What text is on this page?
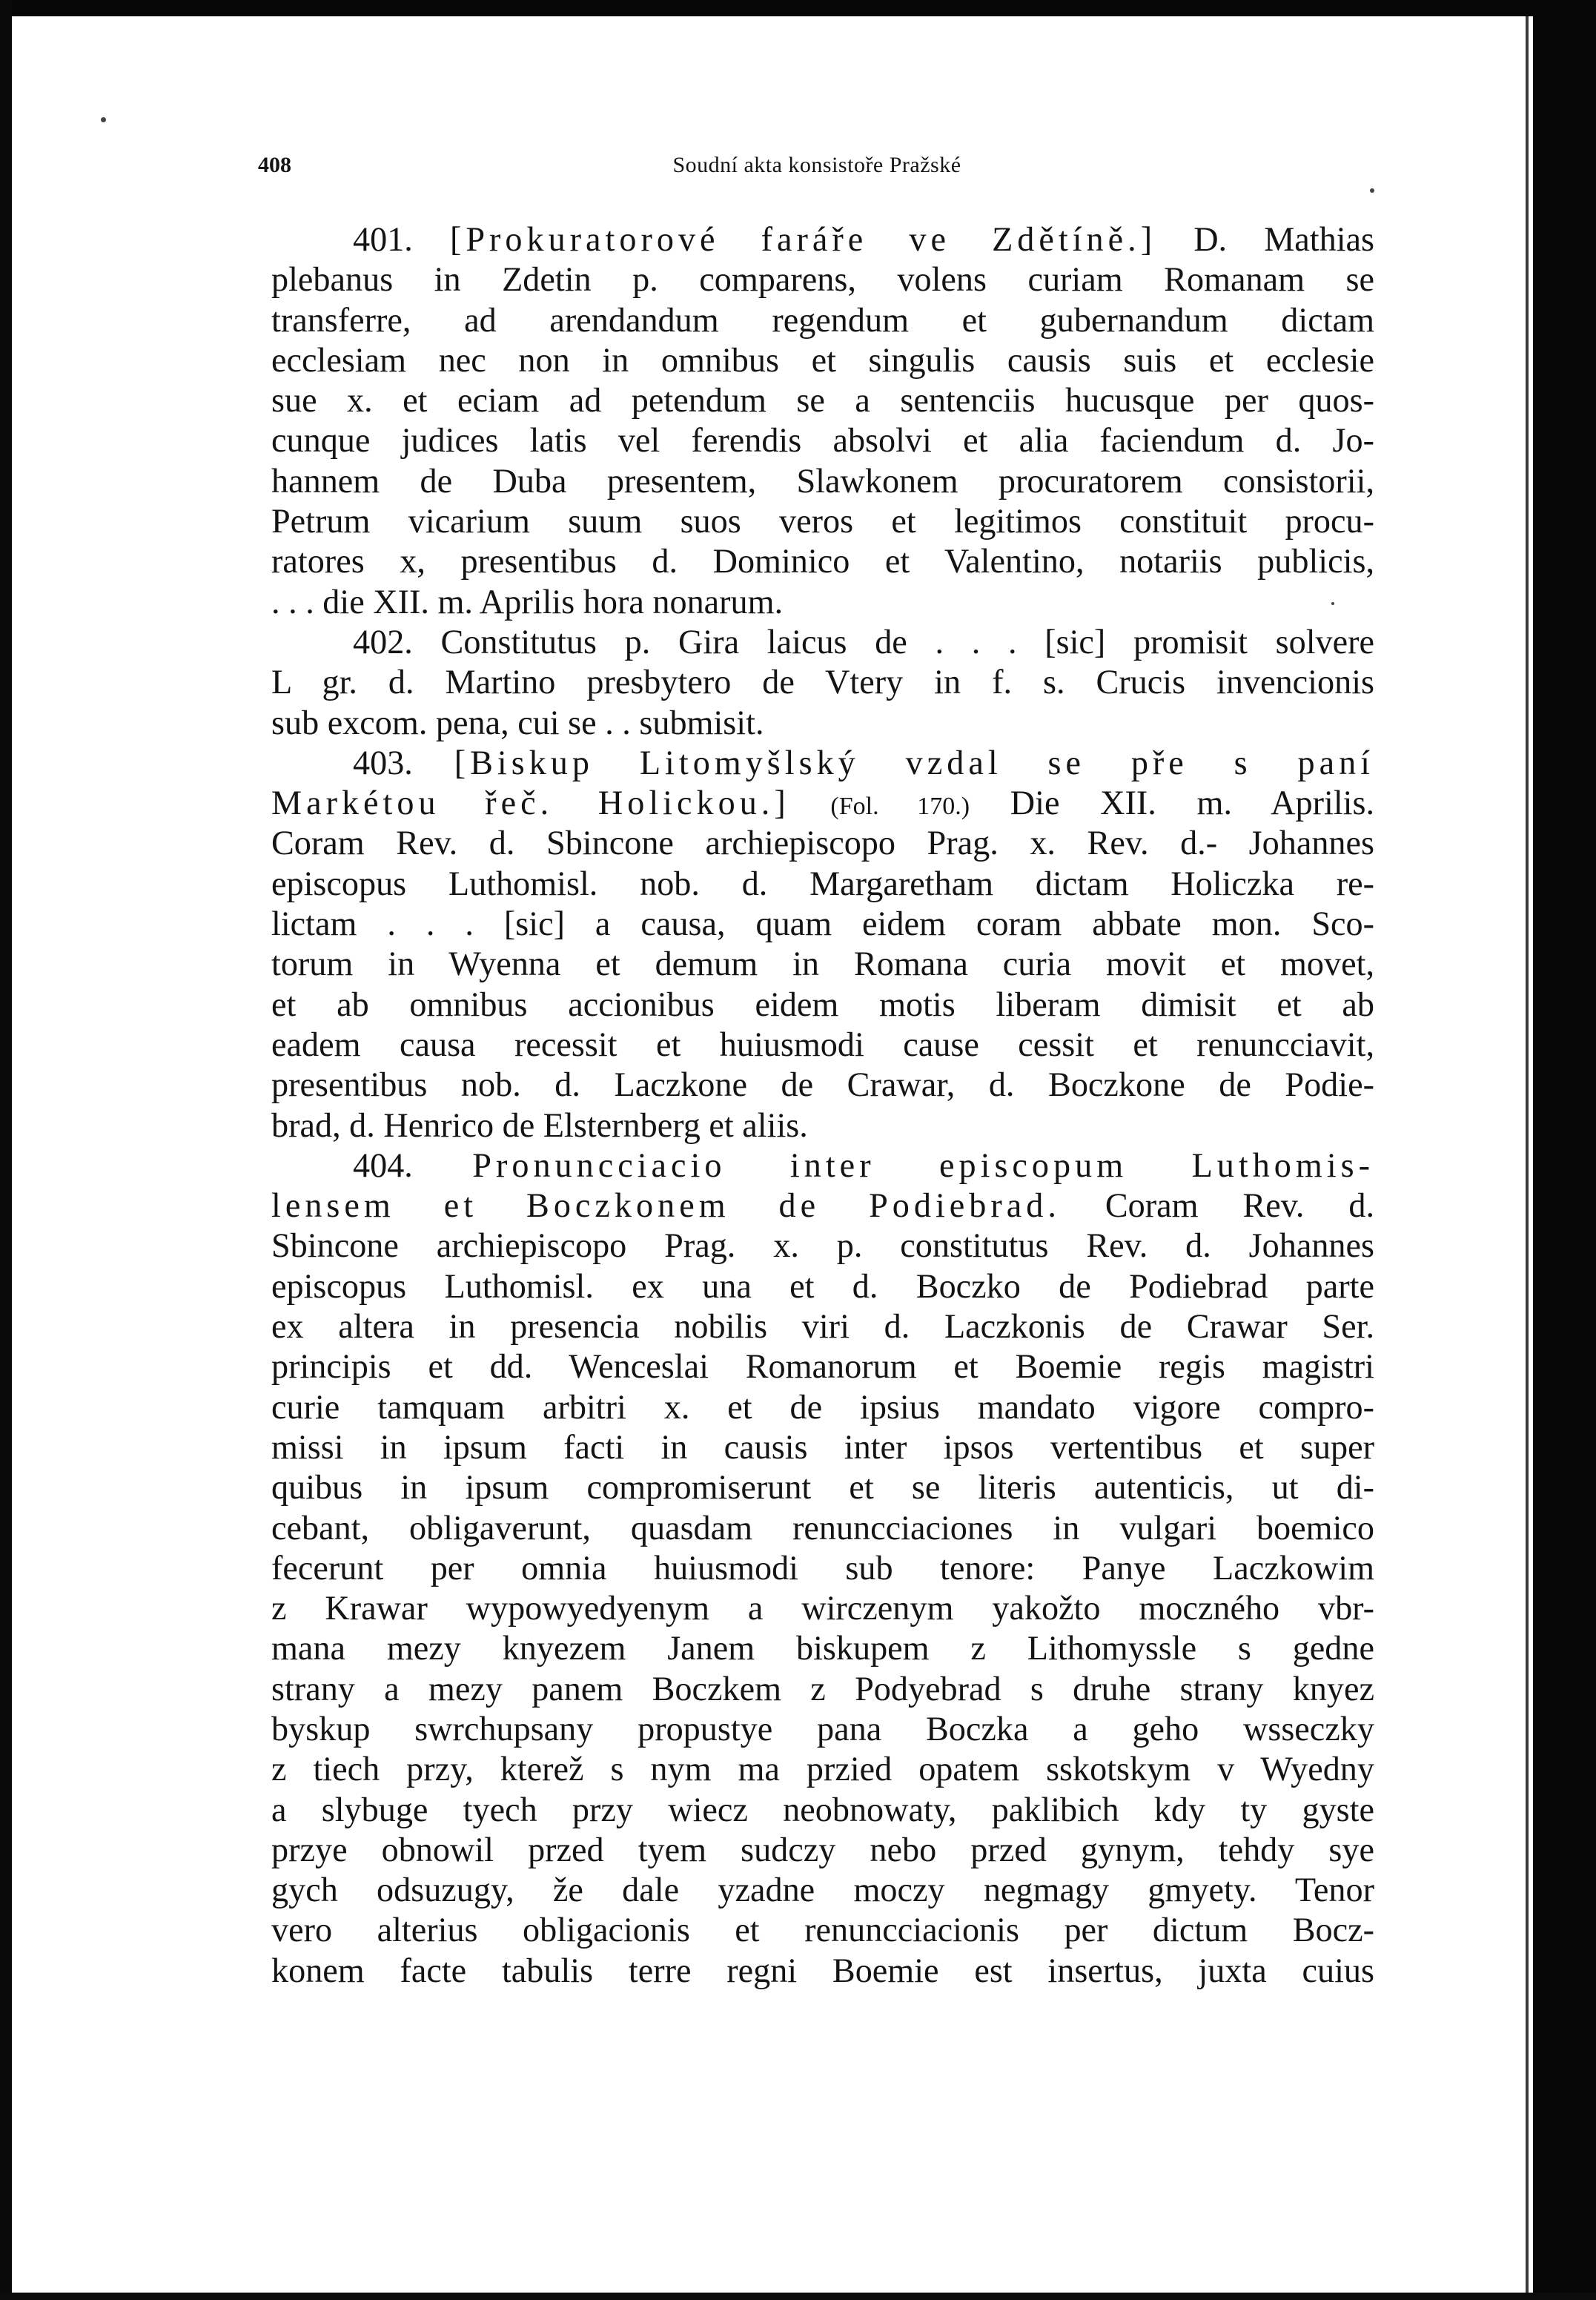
408	Soudní akta konsistoře Pražské
401. [Prokuratorové faráře ve Zdětíně.] D. Mathias
plebanus in Zdetin p. comparens, volens curiam Romanam se
transferre, ad arendandum regendum et gubernandum dictam
ecclesiam nec non in omnibus et singulis causis suis et ecclesie
sue x. et eciam ad petendum se a sentenciis hucusque per quos-
cunque judices latis vel ferendis absolvi et alia faciendum d. Jo-
hannem de Duba presentem, Slawkonem procuratorem consistorii,
Petrum vicarium suum suos veros et legitimos constituit procu-
ratores x, presentibus d. Dominico et Valentino, notariis publicis,
. . . die XII. m. Aprilis hora nonarum.
402. Constitutus p. Gira laicus de . . . [sic] promisit solvere
L gr. d. Martino presbytero de Vtery in f. s. Crucis invencionis
sub excom. pena, cui se . . submisit.
403. [Biskup Litomyšlský vzdal se pře s paní
Markétou řeč. Holickou.] (Fol. 170.) Die XII. m. Aprilis.
Coram Rev. d. Sbincone archiepiscopo Prag. x. Rev. d.- Johannes
episcopus Luthomisl. nob. d. Margaretham dictam Holiczka re-
lictam . . . [sic] a causa, quam eidem coram abbate mon. Sco-
torum in Wyenna et demum in Romana curia movit et movet,
et ab omnibus accionibus eidem motis liberam dimisit et ab
eadem causa recessit et huiusmodi cause cessit et renuncciavit,
presentibus nob. d. Laczkone de Crawar, d. Boczkone de Podie-
brad, d. Henrico de Elsternberg et aliis.
404. Pronuncciacio inter episcopum Luthomis-
lensem et Boczkonem de Podiebrad. Coram Rev. d.
Sbincone archiepiscopo Prag. x. p. constitutus Rev. d. Johannes
episcopus Luthomisl. ex una et d. Boczko de Podiebrad parte
ex altera in presencia nobilis viri d. Laczkonis de Crawar Ser.
principis et dd. Wenceslai Romanorum et Boemie regis magistri
curie tamquam arbitri x. et de ipsius mandato vigore compro-
missi in ipsum facti in causis inter ipsos vertentibus et super
quibus in ipsum compromiserunt et se literis autenticis, ut di-
cebant, obligaverunt, quasdam renuncciaciones in vulgari boemico
fecerunt per omnia huiusmodi sub tenore: Panye Laczkowim
z Krawar wypowyedyenym a wirczenym yakožto moczného vbr-
mana mezy knyezem Janem biskupem z Lithomyssle s gedne
strany a mezy panem Boczkem z Podyebrad s druhe strany knyez
byskup swrchupsany propustye pana Boczka a geho wsseczky
z tiech przy, kterež s nym ma przied opatem sskotskym v Wyedny
a slybuge tyech przy wiecz neobnowaty, paklibich kdy ty gyste
przye obnowil przed tyem sudczy nebo przed gynym, tehdy sye
gych odsuzugy, že dale yzadne moczy negmagy gmyety. Tenor
vero alterius obligacionis et renuncciacionis per dictum Bocz-
konem facte tabulis terre regni Boemie est insertus, juxta cuius
